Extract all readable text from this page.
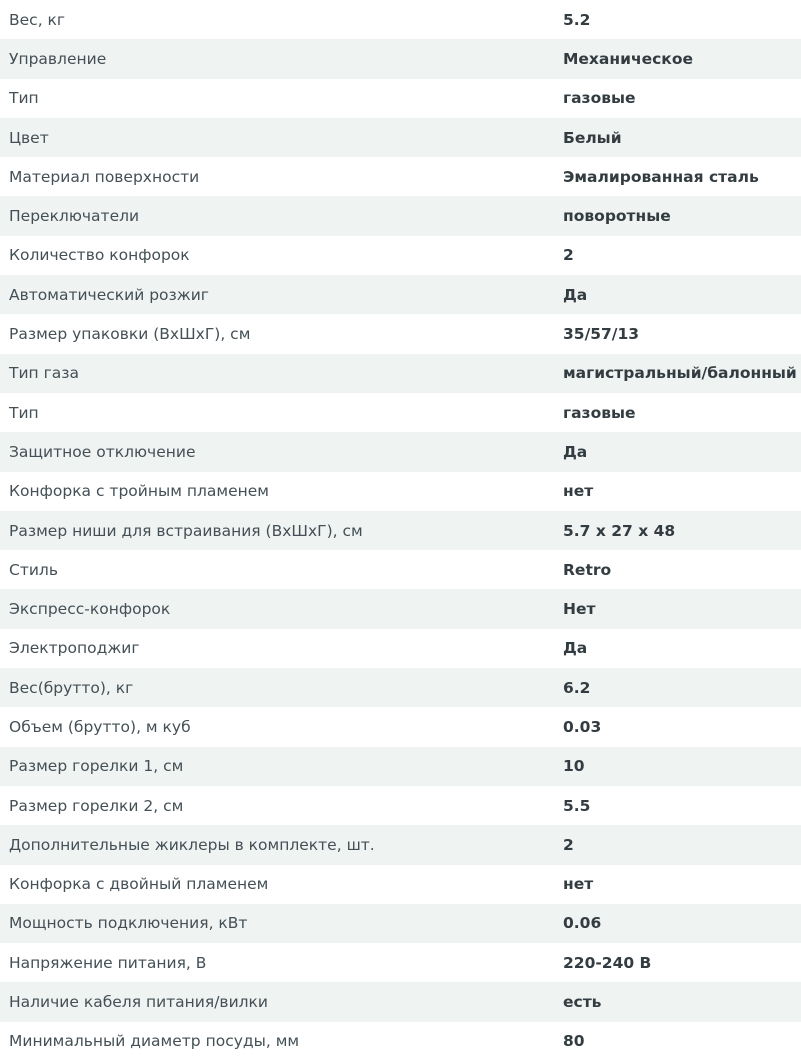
Вес, кг	5.2
Управление	Механическое
Тип	газовые
Цвет	Белый
Материал поверхности	Эмалированная сталь
Переключатели	поворотные
Количество конфорок	2
Автоматический розжиг	Да
Размер упаковки (ВхШхГ), см	35/57/13
Тип газа	магистральный/балонный
Тип	газовые
Защитное отключение	Да
Конфорка с тройным пламенем	нет
Размер ниши для встраивания (ВхШхГ), см	5.7 x 27 x 48
Стиль	Retro
Экспресс-конфорок	Нет
Электроподжиг	Да
Вес(брутто), кг	6.2
Объем (брутто), м куб	0.03
Размер горелки 1, см	10
Размер горелки 2, см	5.5
Дополнительные жиклеры в комплекте, шт.	2
Конфорка с двойный пламенем	нет
Мощность подключения, кВт	0.06
Напряжение питания, В	220-240 В
Наличие кабеля питания/вилки	есть
Минимальный диаметр посуды, мм	80
